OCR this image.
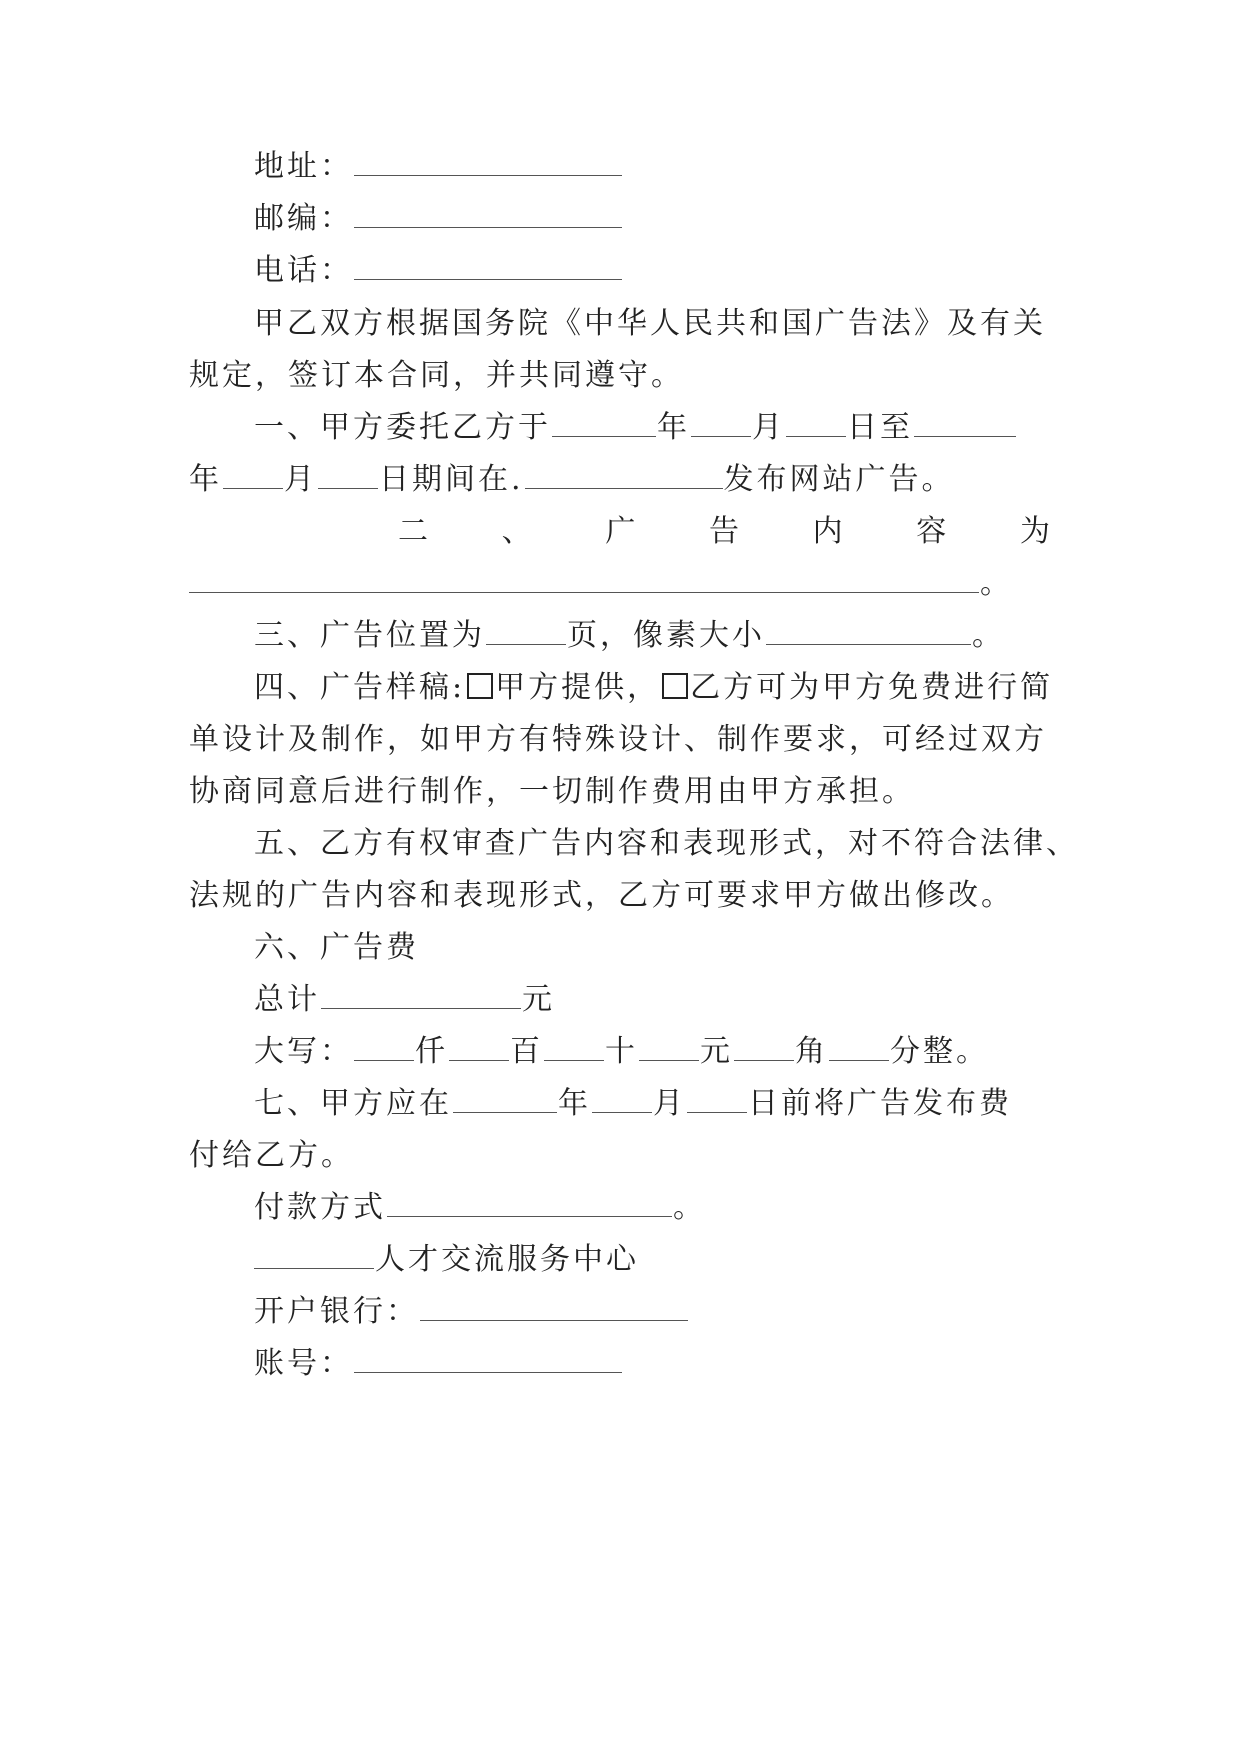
地址：
邮编：
电话：
甲乙双方根据国务院《中华人民共和国广告法》及有关
规定，签订本合同，并共同遵守。
一、甲方委托乙方于	年 月 日至
年 月 日期间在.	发布网站广告。
二 、 广 告 内 容 为
。
三、广告位置为	页，像素大小	。
四、广告样稿: 甲方提供， 乙方可为甲方免费进行简
单设计及制作，如甲方有特殊设计、制作要求，可经过双方
协商同意后进行制作，一切制作费用由甲方承担。
五、乙方有权审查广告内容和表现形式，对不符合法律、
法规的广告内容和表现形式，乙方可要求甲方做出修改。
六、广告费
总计	元
大写： 仟 百 十 元 角 分整。
七、甲方应在	年 月 日前将广告发布费
付给乙方。
付款方式	。
人才交流服务中心
开户银行：
账号：
